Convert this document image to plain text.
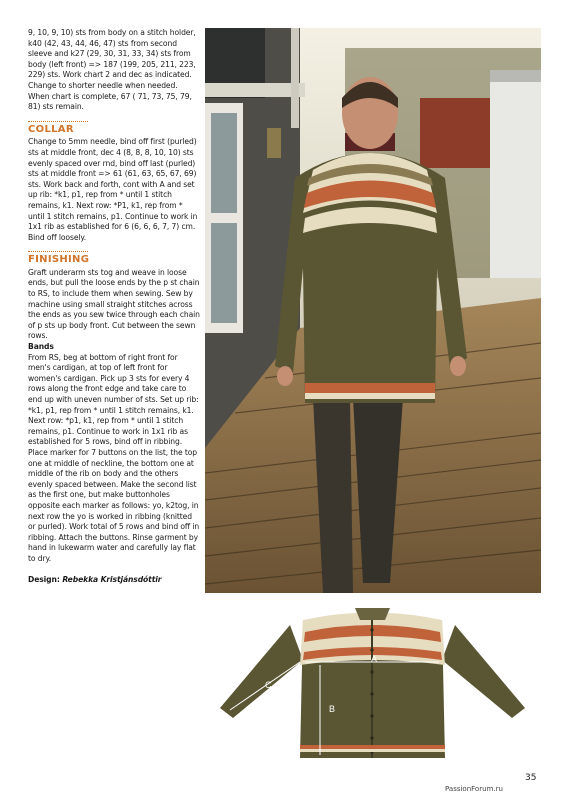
9, 10, 9, 10) sts from body on a stitch holder, k40 (42, 43, 44, 46, 47) sts from second sleeve and k27 (29, 30, 31, 33, 34) sts from body (left front) => 187 (199, 205, 211, 223, 229) sts. Work chart 2 and dec as indicated. Change to shorter needle when needed. When chart is complete, 67 ( 71, 73, 75, 79, 81) sts remain.

COLLAR

Change to 5mm needle, bind off first (purled) sts at middle front, dec 4 (8, 8, 8, 10, 10) sts evenly spaced over rnd, bind off last (purled) sts at middle front => 61 (61, 63, 65, 67, 69) sts. Work back and forth, cont with A and set up rib: *k1, p1, rep from * until 1 stitch remains, k1. Next row: *P1, k1, rep from * until 1 stitch remains, p1. Continue to work in 1x1 rib as established for 6 (6, 6, 6, 7, 7) cm. Bind off loosely.

FINISHING

Graft underarm sts tog and weave in loose ends, but pull the loose ends by the p st chain to RS, to include them when sewing. Sew by machine using small straight stitches across the ends as you sew twice through each chain of p sts up body front. Cut between the sewn rows.

Bands

From RS, beg at bottom of right front for men's cardigan, at top of left front for women's cardigan. Pick up 3 sts for every 4 rows along the front edge and take care to end up with uneven number of sts. Set up rib: *k1, p1, rep from * until 1 stitch remains, k1. Next row: *p1, k1, rep from * until 1 stitch remains, p1. Continue to work in 1x1 rib as established for 5 rows, bind off in ribbing. Place marker for 7 buttons on the list, the top one at middle of neckline, the bottom one at middle of the rib on body and the others evenly spaced between. Make the second list as the first one, but make buttonholes opposite each marker as follows: yo, k2tog, in next row the yo is worked in ribbing (knitted or purled). Work total of 5 rows and bind off in ribbing. Attach the buttons. Rinse garment by hand in lukewarm water and carefully lay flat to dry.

Design: Rebekka Kristjánsdóttir

A
B
C
35
PassionForum.ru
